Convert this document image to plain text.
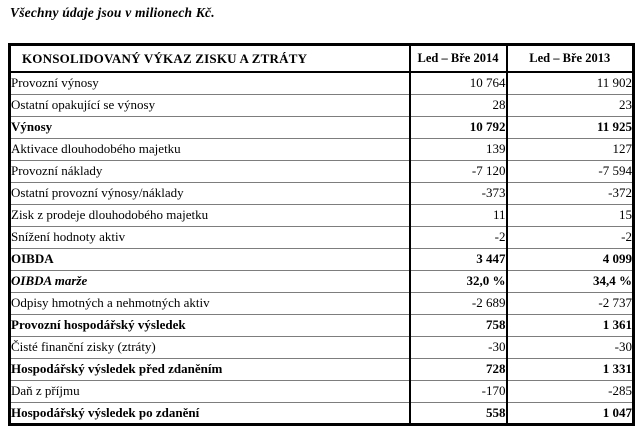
Všechny údaje jsou v milionech Kč.
KONSOLIDOVANÝ VÝKAZ ZISKU A ZTRÁTY	Led – Bře 2014	Led – Bře 2013
Provozní výnosy	10 764	11 902
Ostatní opakující se výnosy	28	23
Výnosy	10 792	11 925
Aktivace dlouhodobého majetku	139	127
Provozní náklady	-7 120	-7 594
Ostatní provozní výnosy/náklady	-373	-372
Zisk z prodeje dlouhodobého majetku	11	15
Snížení hodnoty aktiv	-2	-2
OIBDA	3 447	4 099
OIBDA marže	32,0 %	34,4 %
Odpisy hmotných a nehmotných aktiv	-2 689	-2 737
Provozní hospodářský výsledek	758	1 361
Čisté finanční zisky (ztráty)	-30	-30
Hospodářský výsledek před zdaněním	728	1 331
Daň z příjmu	-170	-285
Hospodářský výsledek po zdanění	558	1 047
